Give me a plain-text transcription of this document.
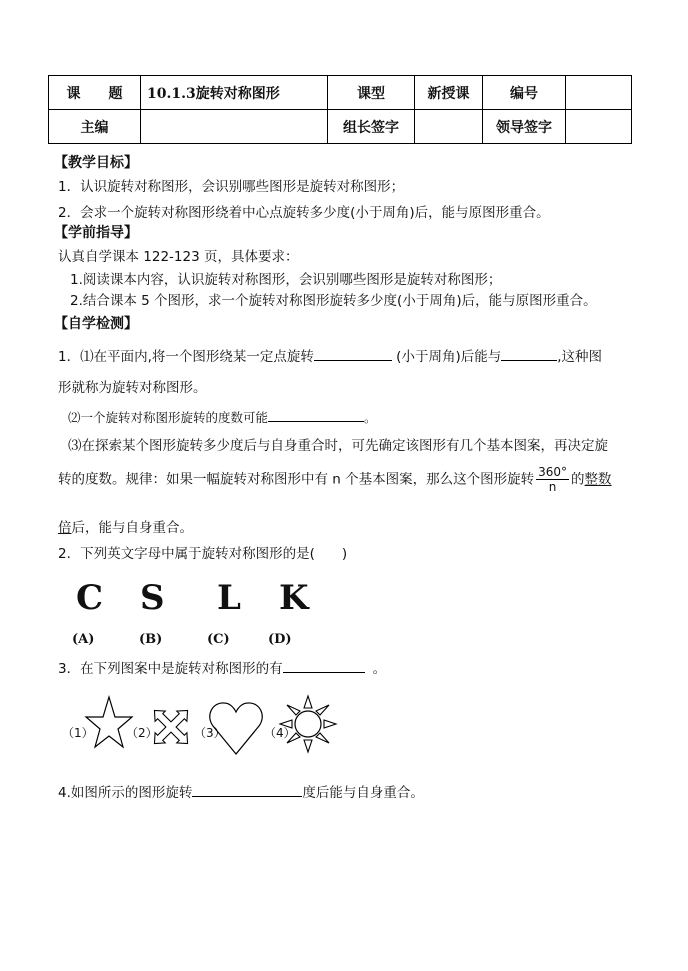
课　　题	10.1.3旋转对称图形	课型	新授课	编号	
主编		组长签字		领导签字	
【教学目标】
1．认识旋转对称图形，会识别哪些图形是旋转对称图形；
2．会求一个旋转对称图形绕着中心点旋转多少度(小于周角)后，能与原图形重合。
【学前指导】
认真自学课本 122-123 页，具体要求：
1.阅读课本内容，认识旋转对称图形，会识别哪些图形是旋转对称图形；
2.结合课本 5 个图形，求一个旋转对称图形旋转多少度(小于周角)后，能与原图形重合。
【自学检测】
1．⑴在平面内,将一个图形绕某一定点旋转	(小于周角)后能与	,这种图
形就称为旋转对称图形。
⑵一个旋转对称图形旋转的度数可能	。
⑶在探索某个图形旋转多少度后与自身重合时，可先确定该图形有几个基本图案，再决定旋
转的度数。规律：如果一幅旋转对称图形中有 n 个基本图案，那么这个图形旋转 $\frac{360^\circ}{n}$ 的整数
倍后，能与自身重合。
2．下列英文字母中属于旋转对称图形的是(　　)
C S L K
(A)	(B)	(C)	(D)
3．在下列图案中是旋转对称图形的有	。
（1）	（2）	（3）	（4）
4.如图所示的图形旋转	度后能与自身重合。
